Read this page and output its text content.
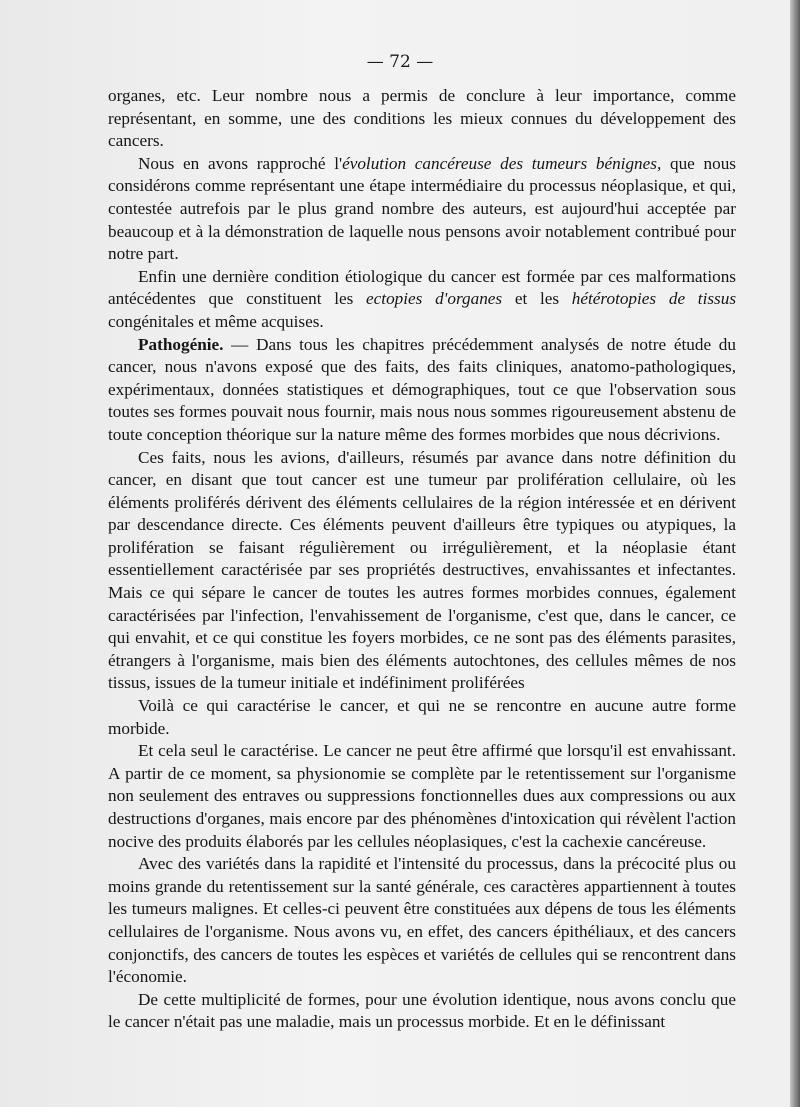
— 72 —

organes, etc. Leur nombre nous a permis de conclure à leur importance, comme représentant, en somme, une des conditions les mieux connues du développement des cancers.

Nous en avons rapproché l'évolution cancéreuse des tumeurs bénignes, que nous considérons comme représentant une étape intermédiaire du processus néoplasique, et qui, contestée autrefois par le plus grand nombre des auteurs, est aujourd'hui acceptée par beaucoup et à la démonstration de laquelle nous pensons avoir notablement contribué pour notre part.

Enfin une dernière condition étiologique du cancer est formée par ces malformations antécédentes que constituent les ectopies d'organes et les hétérotopies de tissus congénitales et même acquises.

Pathogénie. — Dans tous les chapitres précédemment analysés de notre étude du cancer, nous n'avons exposé que des faits, des faits cliniques, anatomo-pathologiques, expérimentaux, données statistiques et démographiques, tout ce que l'observation sous toutes ses formes pouvait nous fournir, mais nous nous sommes rigoureusement abstenu de toute conception théorique sur la nature même des formes morbides que nous décrivions.

Ces faits, nous les avions, d'ailleurs, résumés par avance dans notre définition du cancer, en disant que tout cancer est une tumeur par prolifération cellulaire, où les éléments proliférés dérivent des éléments cellulaires de la région intéressée et en dérivent par descendance directe. Ces éléments peuvent d'ailleurs être typiques ou atypiques, la prolifération se faisant régulièrement ou irrégulièrement, et la néoplasie étant essentiellement caractérisée par ses propriétés destructives, envahissantes et infectantes. Mais ce qui sépare le cancer de toutes les autres formes morbides connues, également caractérisées par l'infection, l'envahissement de l'organisme, c'est que, dans le cancer, ce qui envahit, et ce qui constitue les foyers morbides, ce ne sont pas des éléments parasites, étrangers à l'organisme, mais bien des éléments autochtones, des cellules mêmes de nos tissus, issues de la tumeur initiale et indéfiniment proliférées

Voilà ce qui caractérise le cancer, et qui ne se rencontre en aucune autre forme morbide.

Et cela seul le caractérise. Le cancer ne peut être affirmé que lorsqu'il est envahissant. A partir de ce moment, sa physionomie se complète par le retentissement sur l'organisme non seulement des entraves ou suppressions fonctionnelles dues aux compressions ou aux destructions d'organes, mais encore par des phénomènes d'intoxication qui révèlent l'action nocive des produits élaborés par les cellules néoplasiques, c'est la cachexie cancéreuse.

Avec des variétés dans la rapidité et l'intensité du processus, dans la précocité plus ou moins grande du retentissement sur la santé générale, ces caractères appartiennent à toutes les tumeurs malignes. Et celles-ci peuvent être constituées aux dépens de tous les éléments cellulaires de l'organisme. Nous avons vu, en effet, des cancers épithéliaux, et des cancers conjonctifs, des cancers de toutes les espèces et variétés de cellules qui se rencontrent dans l'économie.

De cette multiplicité de formes, pour une évolution identique, nous avons conclu que le cancer n'était pas une maladie, mais un processus morbide. Et en le définissant
